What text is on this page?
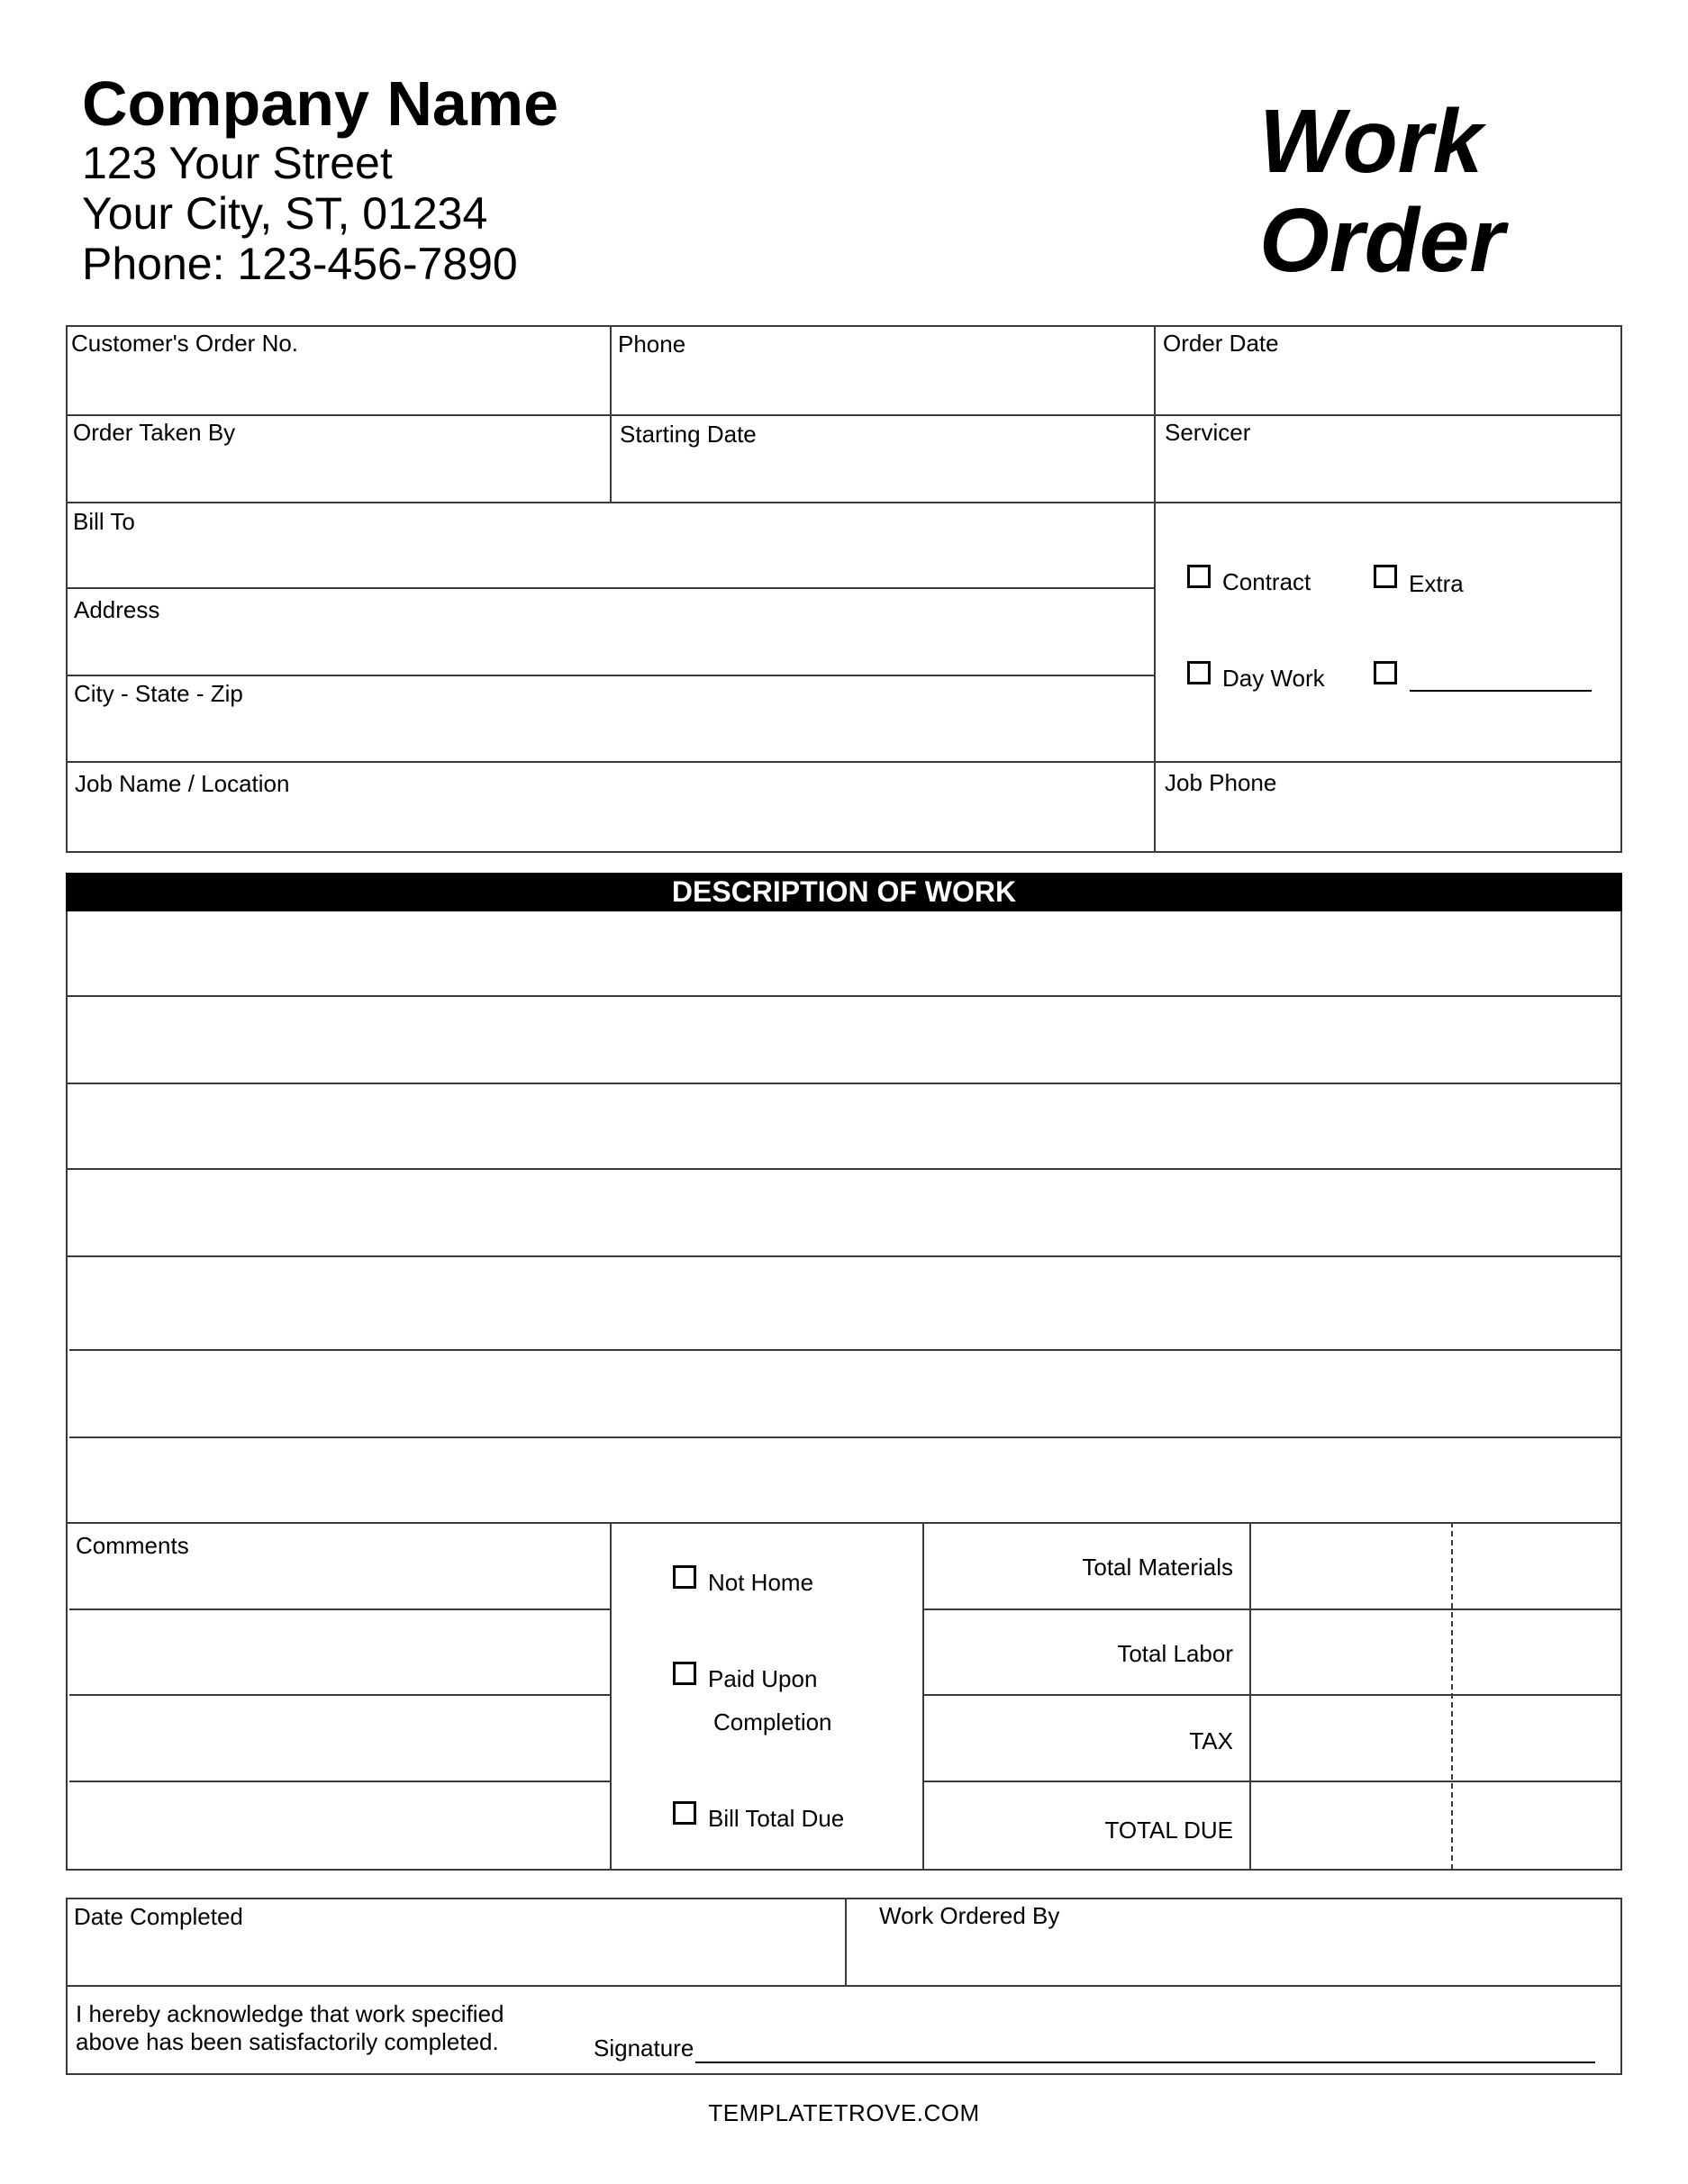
Company Name
123 Your Street
Your City, ST, 01234
Phone: 123-456-7890
Work
Order
Customer's Order No.	Phone	Order Date
Order Taken By	Starting Date	Servicer
Bill To
Address
City - State - Zip
Job Name / Location	Job Phone
Contract	Extra
Day Work
DESCRIPTION OF WORK
Comments
Not Home
Paid Upon
Completion
Bill Total Due
Total Materials
Total Labor
TAX
TOTAL DUE
Date Completed	Work Ordered By
I hereby acknowledge that work specified
above has been satisfactorily completed.	Signature
TEMPLATETROVE.COM
